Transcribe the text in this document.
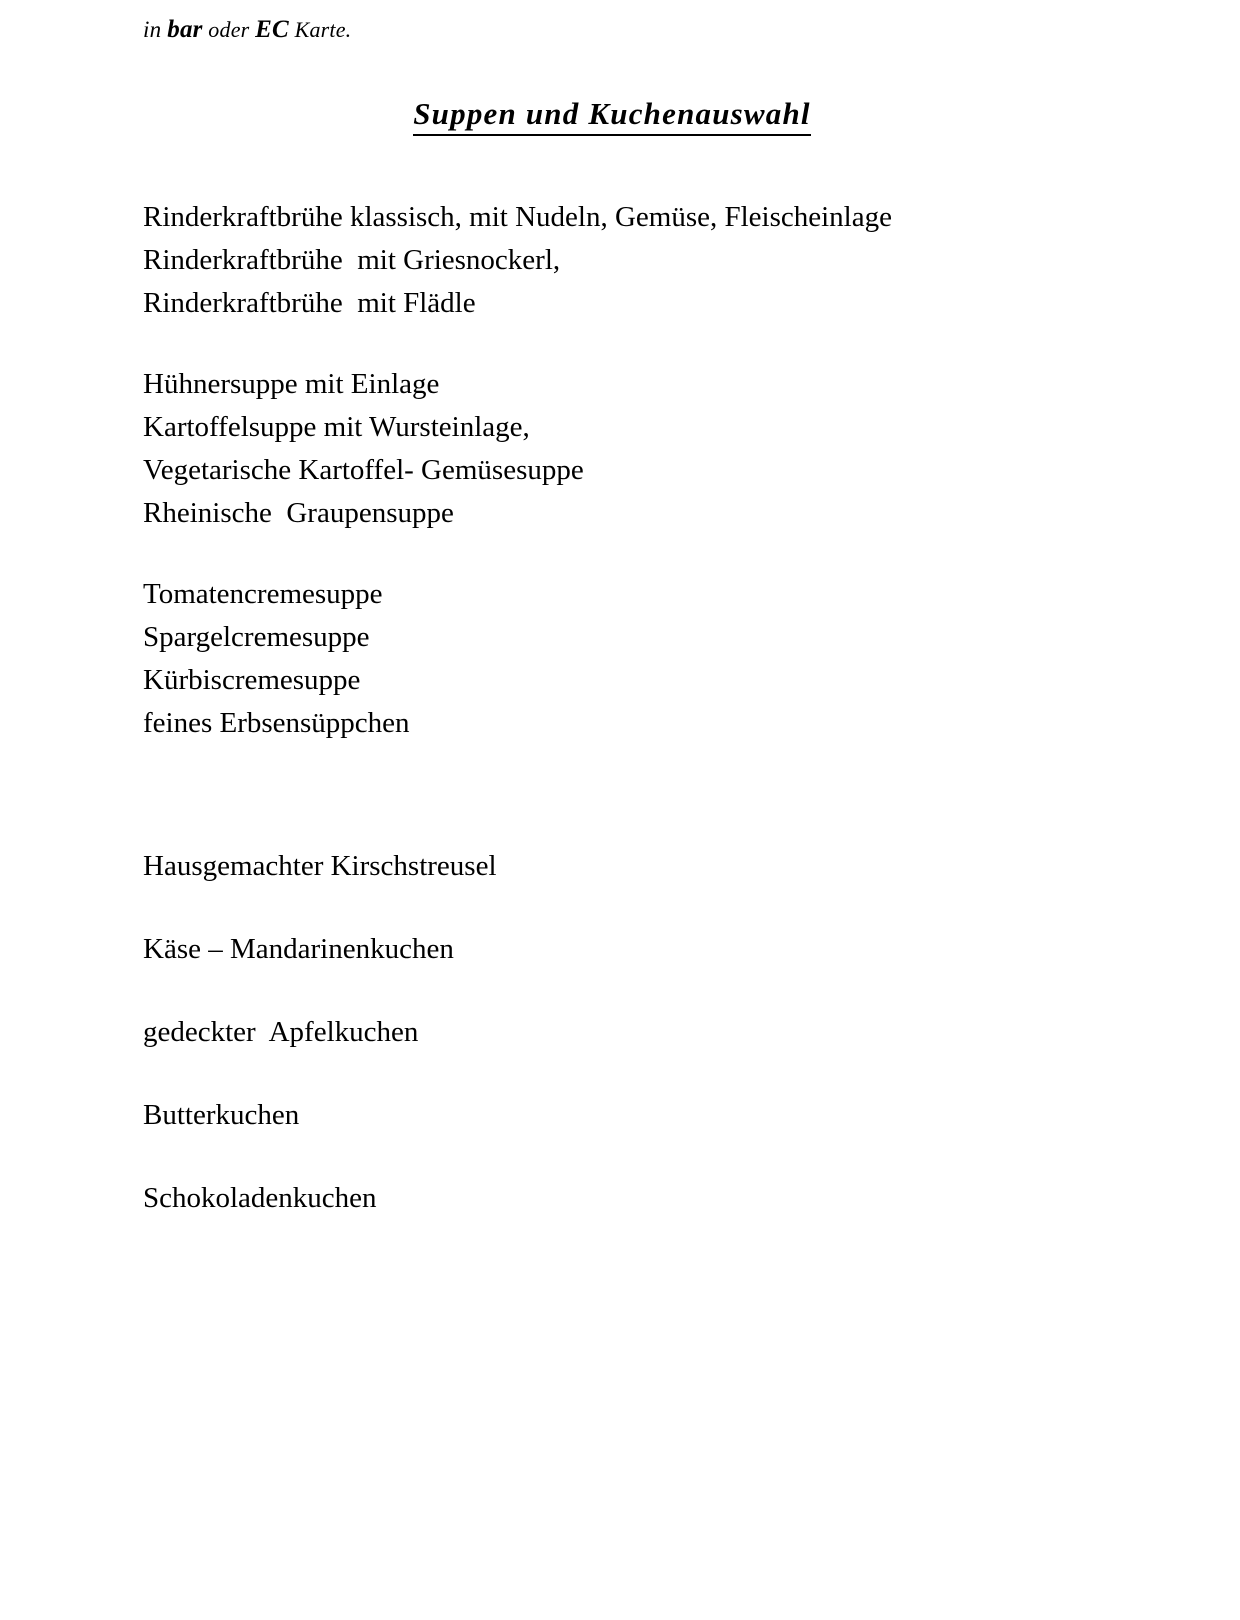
in bar oder EC Karte.
Suppen und Kuchenauswahl
Rinderkraftbrühe klassisch, mit Nudeln, Gemüse, Fleischeinlage
Rinderkraftbrühe  mit Griesnockerl,
Rinderkraftbrühe  mit Flädle
Hühnersuppe mit Einlage
Kartoffelsuppe mit Wursteinlage,
Vegetarische Kartoffel- Gemüsesuppe
Rheinische  Graupensuppe
Tomatencremesuppe
Spargelcremesuppe
Kürbiscremesuppe
feines Erbsensüppchen
Hausgemachter Kirschstreusel
Käse – Mandarinenkuchen
gedeckter  Apfelkuchen
Butterkuchen
Schokoladenkuchen
